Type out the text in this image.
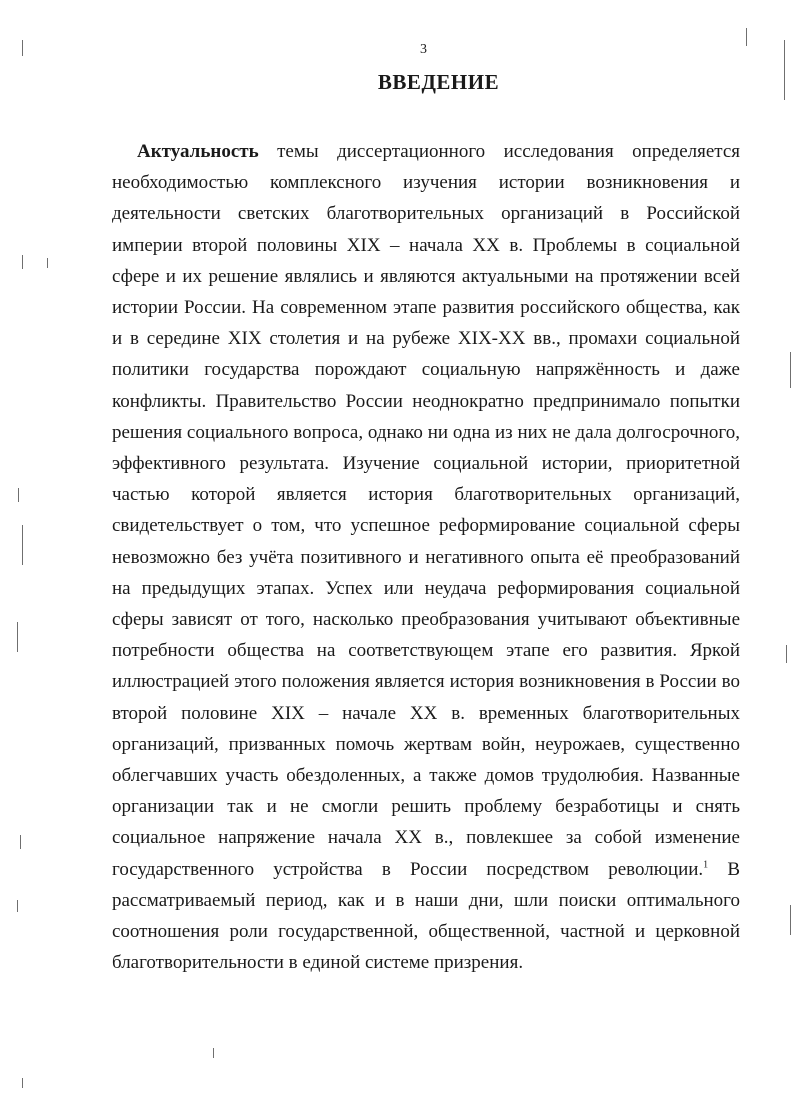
3
ВВЕДЕНИЕ

Актуальность темы диссертационного исследования определяется необходимостью комплексного изучения истории возникновения и деятельности светских благотворительных организаций в Российской империи второй половины XIX – начала XX в. Проблемы в социальной сфере и их решение являлись и являются актуальными на протяжении всей истории России. На современном этапе развития российского общества, как и в середине XIX столетия и на рубеже XIX-XX вв., промахи социальной политики государства порождают социальную напряжённость и даже конфликты. Правительство России неоднократно предпринимало попытки решения социального вопроса, однако ни одна из них не дала долгосрочного, эффективного результата. Изучение социальной истории, приоритетной частью которой является история благотворительных организаций, свидетельствует о том, что успешное реформирование социальной сферы невозможно без учёта позитивного и негативного опыта её преобразований на предыдущих этапах. Успех или неудача реформирования социальной сферы зависят от того, насколько преобразования учитывают объективные потребности общества на соответствующем этапе его развития. Яркой иллюстрацией этого положения является история возникновения в России во второй половине XIX – начале XX в. временных благотворительных организаций, призванных помочь жертвам войн, неурожаев, существенно облегчавших участь обездоленных, а также домов трудолюбия. Названные организации так и не смогли решить проблему безработицы и снять социальное напряжение начала XX в., повлекшее за собой изменение государственного устройства в России посредством революции.$^1$ В рассматриваемый период, как и в наши дни, шли поиски оптимального соотношения роли государственной, общественной, частной и церковной благотворительности в единой системе призрения.
